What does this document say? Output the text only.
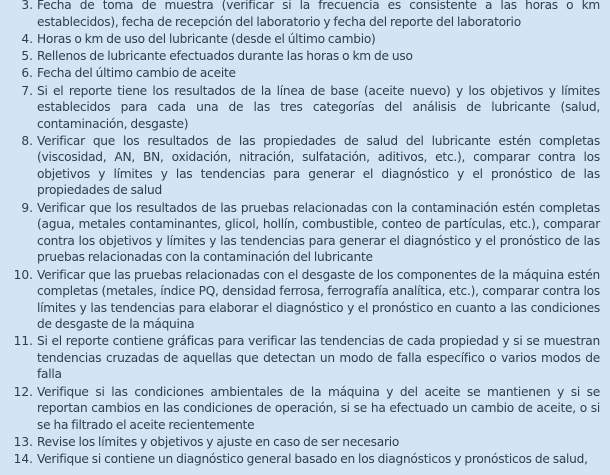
3. Fecha de toma de muestra (verificar si la frecuencia es consistente a las horas o km establecidos), fecha de recepción del laboratorio y fecha del reporte del laboratorio
4. Horas o km de uso del lubricante (desde el último cambio)
5. Rellenos de lubricante efectuados durante las horas o km de uso
6. Fecha del último cambio de aceite
7. Si el reporte tiene los resultados de la línea de base (aceite nuevo) y los objetivos y límites establecidos para cada una de las tres categorías del análisis de lubricante (salud, contaminación, desgaste)
8. Verificar que los resultados de las propiedades de salud del lubricante estén completas (viscosidad, AN, BN, oxidación, nitración, sulfatación, aditivos, etc.), comparar contra los objetivos y límites y las tendencias para generar el diagnóstico y el pronóstico de las propiedades de salud
9. Verificar que los resultados de las pruebas relacionadas con la contaminación estén completas (agua, metales contaminantes, glicol, hollín, combustible, conteo de partículas, etc.), comparar contra los objetivos y límites y las tendencias para generar el diagnóstico y el pronóstico de las pruebas relacionadas con la contaminación del lubricante
10. Verificar que las pruebas relacionadas con el desgaste de los componentes de la máquina estén completas (metales, índice PQ, densidad ferrosa, ferrografía analítica, etc.), comparar contra los límites y las tendencias para elaborar el diagnóstico y el pronóstico en cuanto a las condiciones de desgaste de la máquina
11. Si el reporte contiene gráficas para verificar las tendencias de cada propiedad y si se muestran tendencias cruzadas de aquellas que detectan un modo de falla específico o varios modos de falla
12. Verifique si las condiciones ambientales de la máquina y del aceite se mantienen y si se reportan cambios en las condiciones de operación, si se ha efectuado un cambio de aceite, o si se ha filtrado el aceite recientemente
13. Revise los límites y objetivos y ajuste en caso de ser necesario
14. Verifique si contiene un diagnóstico general basado en los diagnósticos y pronósticos de salud,
